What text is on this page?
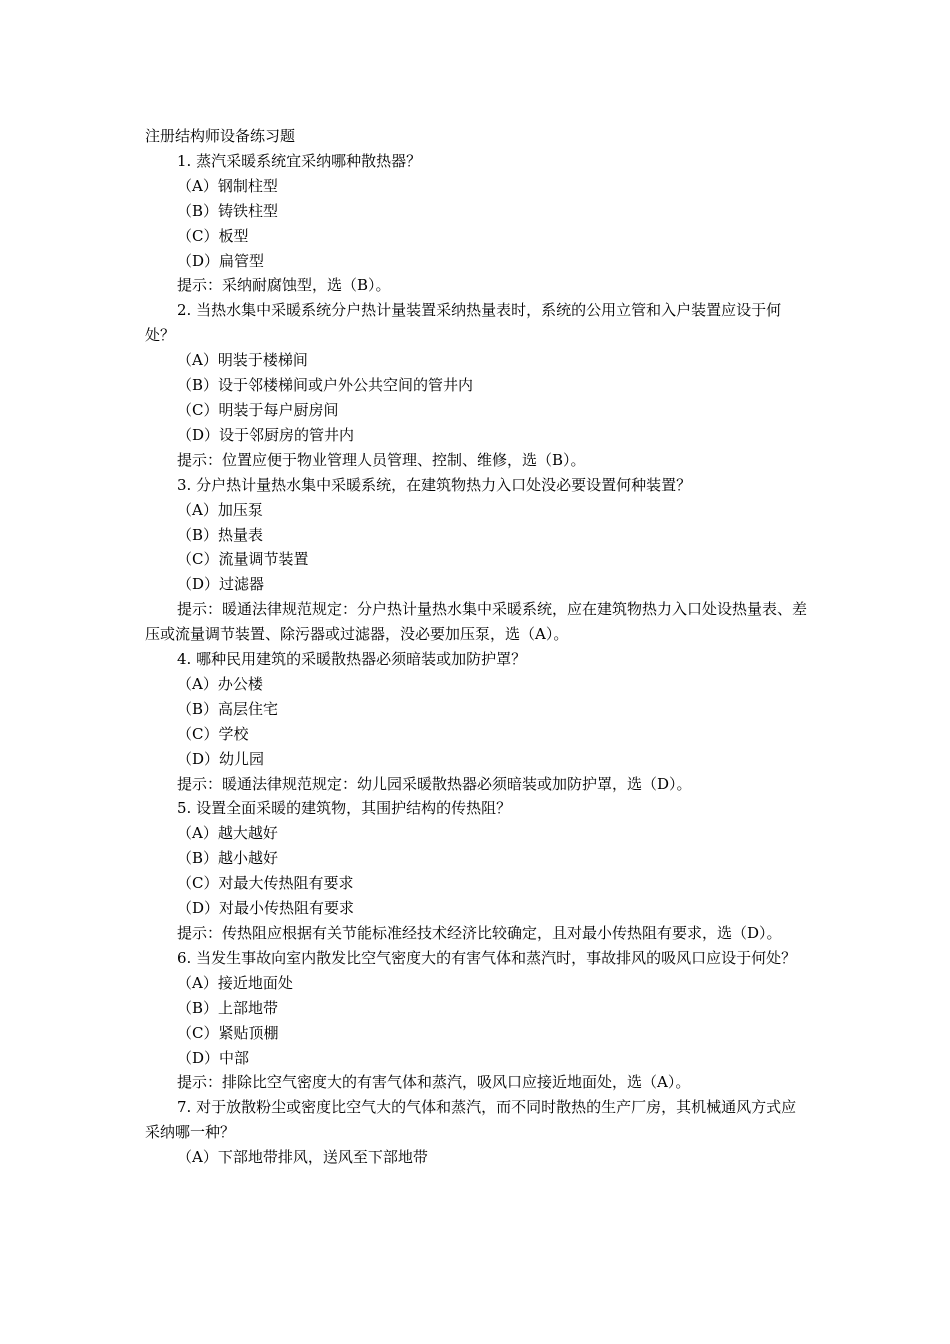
注册结构师设备练习题

1. 蒸汽采暖系统宜采纳哪种散热器？

（A）钢制柱型

（B）铸铁柱型

（C）板型

（D）扁管型

提示：采纳耐腐蚀型，选（B）。

2. 当热水集中采暖系统分户热计量装置采纳热量表时，系统的公用立管和入户装置应设于何处？

（A）明装于楼梯间

（B）设于邻楼梯间或户外公共空间的管井内

（C）明装于每户厨房间

（D）设于邻厨房的管井内

提示：位置应便于物业管理人员管理、控制、维修，选（B）。

3. 分户热计量热水集中采暖系统，在建筑物热力入口处没必要设置何种装置？

（A）加压泵

（B）热量表

（C）流量调节装置

（D）过滤器

提示：暖通法律规范规定：分户热计量热水集中采暖系统，应在建筑物热力入口处设热量表、差压或流量调节装置、除污器或过滤器，没必要加压泵，选（A）。

4. 哪种民用建筑的采暖散热器必须暗装或加防护罩？

（A）办公楼

（B）高层住宅

（C）学校

（D）幼儿园

提示：暖通法律规范规定：幼儿园采暖散热器必须暗装或加防护罩，选（D）。

5. 设置全面采暖的建筑物，其围护结构的传热阻？

（A）越大越好

（B）越小越好

（C）对最大传热阻有要求

（D）对最小传热阻有要求

提示：传热阻应根据有关节能标准经技术经济比较确定，且对最小传热阻有要求，选（D）。

6. 当发生事故向室内散发比空气密度大的有害气体和蒸汽时，事故排风的吸风口应设于何处？

（A）接近地面处

（B）上部地带

（C）紧贴顶棚

（D）中部

提示：排除比空气密度大的有害气体和蒸汽，吸风口应接近地面处，选（A）。

7. 对于放散粉尘或密度比空气大的气体和蒸汽，而不同时散热的生产厂房，其机械通风方式应采纳哪一种？

（A）下部地带排风，送风至下部地带
